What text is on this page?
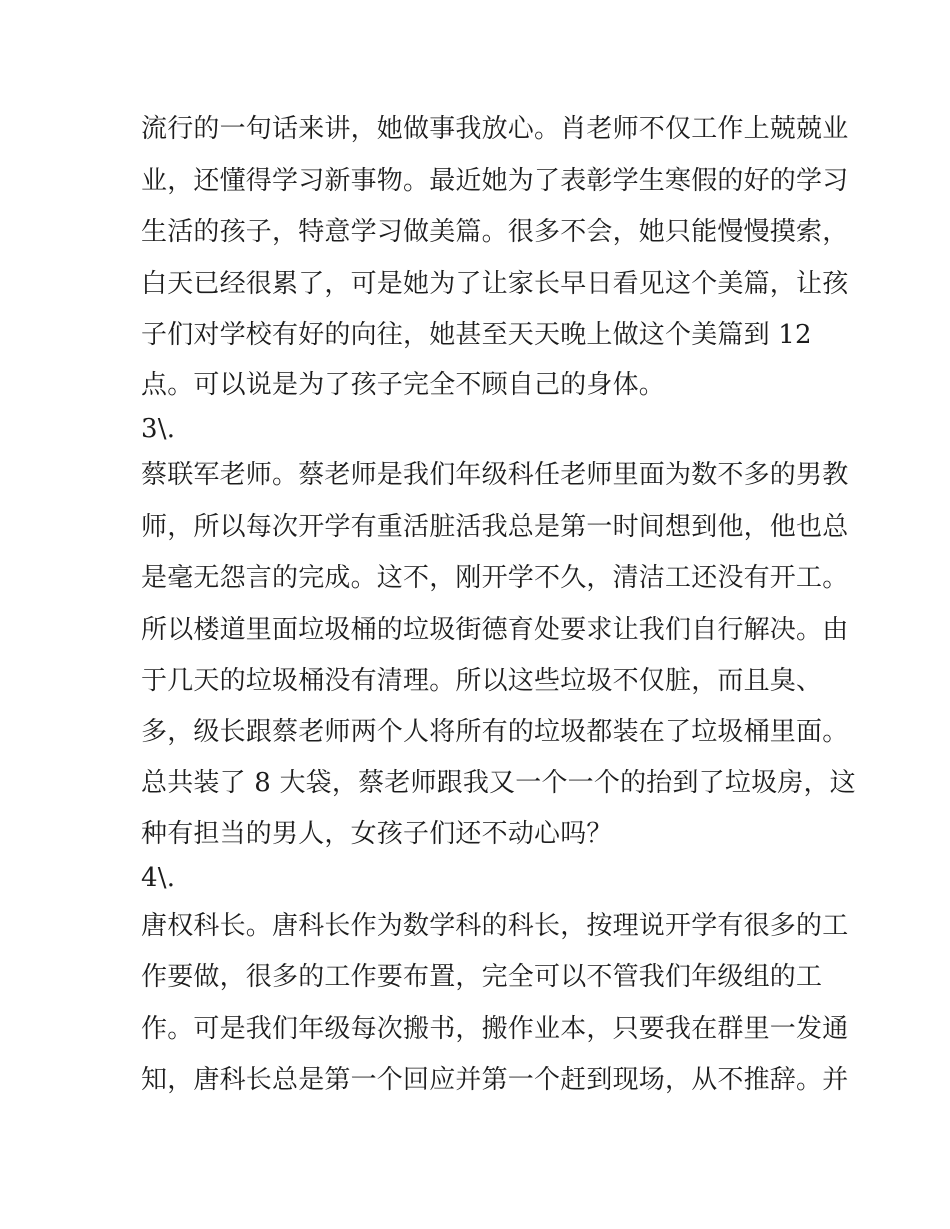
流行的一句话来讲，她做事我放心。肖老师不仅工作上兢兢业
业，还懂得学习新事物。最近她为了表彰学生寒假的好的学习
生活的孩子，特意学习做美篇。很多不会，她只能慢慢摸索，
白天已经很累了，可是她为了让家长早日看见这个美篇，让孩
子们对学校有好的向往，她甚至天天晚上做这个美篇到 12
点。可以说是为了孩子完全不顾自己的身体。
3\.
蔡联军老师。蔡老师是我们年级科任老师里面为数不多的男教
师，所以每次开学有重活脏活我总是第一时间想到他，他也总
是毫无怨言的完成。这不，刚开学不久，清洁工还没有开工。
所以楼道里面垃圾桶的垃圾街德育处要求让我们自行解决。由
于几天的垃圾桶没有清理。所以这些垃圾不仅脏，而且臭、
多，级长跟蔡老师两个人将所有的垃圾都装在了垃圾桶里面。
总共装了 8 大袋，蔡老师跟我又一个一个的抬到了垃圾房，这
种有担当的男人，女孩子们还不动心吗？
4\.
唐权科长。唐科长作为数学科的科长，按理说开学有很多的工
作要做，很多的工作要布置，完全可以不管我们年级组的工
作。可是我们年级每次搬书，搬作业本，只要我在群里一发通
知，唐科长总是第一个回应并第一个赶到现场，从不推辞。并
